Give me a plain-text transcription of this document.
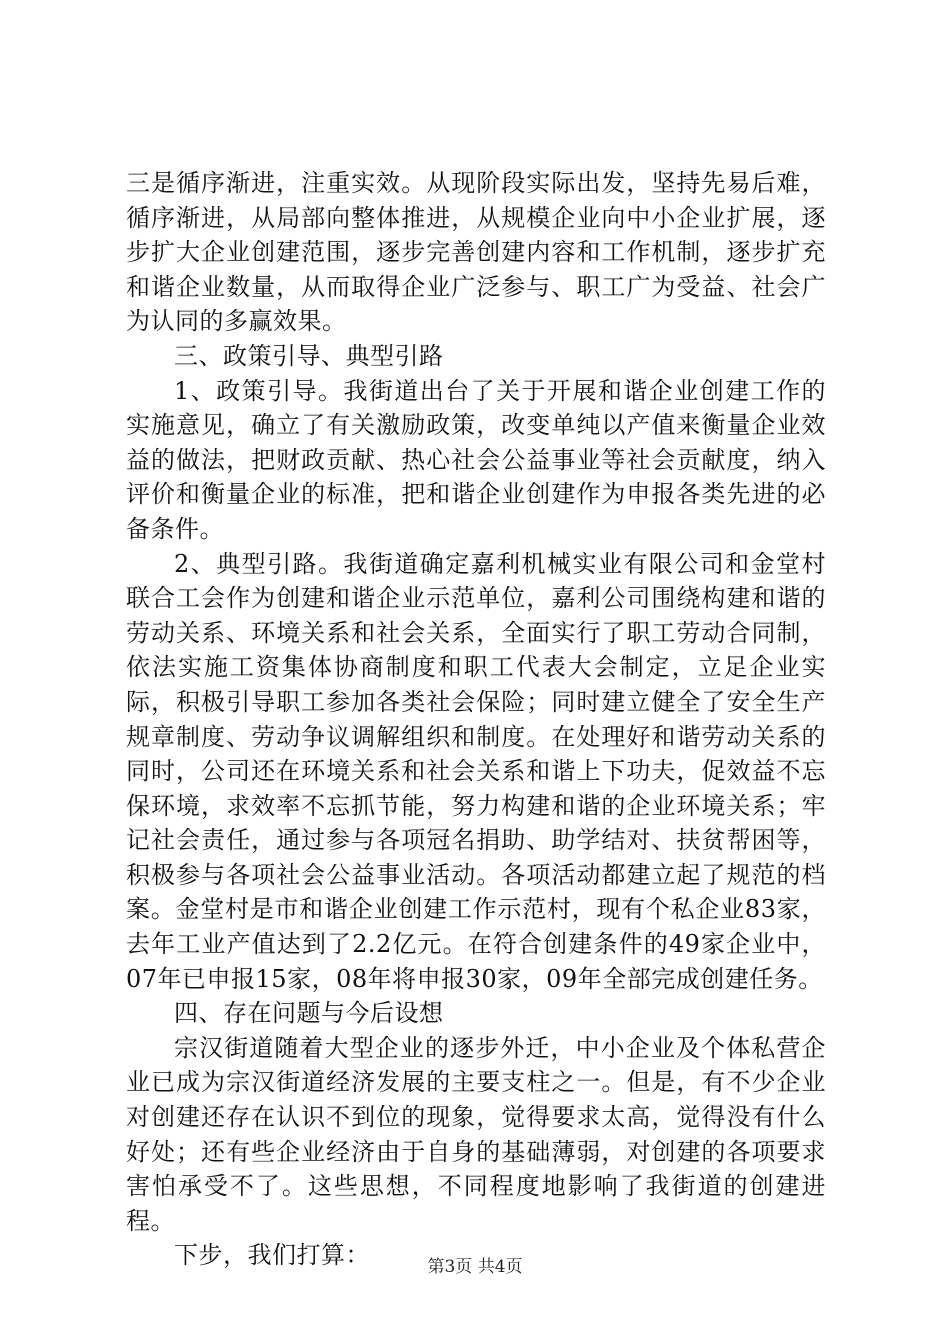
三是循序渐进，注重实效。从现阶段实际出发，坚持先易后难，循序渐进，从局部向整体推进，从规模企业向中小企业扩展，逐步扩大企业创建范围，逐步完善创建内容和工作机制，逐步扩充和谐企业数量，从而取得企业广泛参与、职工广为受益、社会广为认同的多赢效果。

三、政策引导、典型引路

1、政策引导。我街道出台了关于开展和谐企业创建工作的实施意见，确立了有关激励政策，改变单纯以产值来衡量企业效益的做法，把财政贡献、热心社会公益事业等社会贡献度，纳入评价和衡量企业的标准，把和谐企业创建作为申报各类先进的必备条件。

2、典型引路。我街道确定嘉利机械实业有限公司和金堂村联合工会作为创建和谐企业示范单位，嘉利公司围绕构建和谐的劳动关系、环境关系和社会关系，全面实行了职工劳动合同制，依法实施工资集体协商制度和职工代表大会制定，立足企业实际，积极引导职工参加各类社会保险；同时建立健全了安全生产规章制度、劳动争议调解组织和制度。在处理好和谐劳动关系的同时，公司还在环境关系和社会关系和谐上下功夫，促效益不忘保环境，求效率不忘抓节能，努力构建和谐的企业环境关系；牢记社会责任，通过参与各项冠名捐助、助学结对、扶贫帮困等，积极参与各项社会公益事业活动。各项活动都建立起了规范的档案。金堂村是市和谐企业创建工作示范村，现有个私企业83家，去年工业产值达到了2.2亿元。在符合创建条件的49家企业中，07年已申报15家，08年将申报30家，09年全部完成创建任务。

四、存在问题与今后设想

宗汉街道随着大型企业的逐步外迁，中小企业及个体私营企业已成为宗汉街道经济发展的主要支柱之一。但是，有不少企业对创建还存在认识不到位的现象，觉得要求太高，觉得没有什么好处；还有些企业经济由于自身的基础薄弱，对创建的各项要求害怕承受不了。这些思想，不同程度地影响了我街道的创建进程。

下步，我们打算：	第3页 共4页
